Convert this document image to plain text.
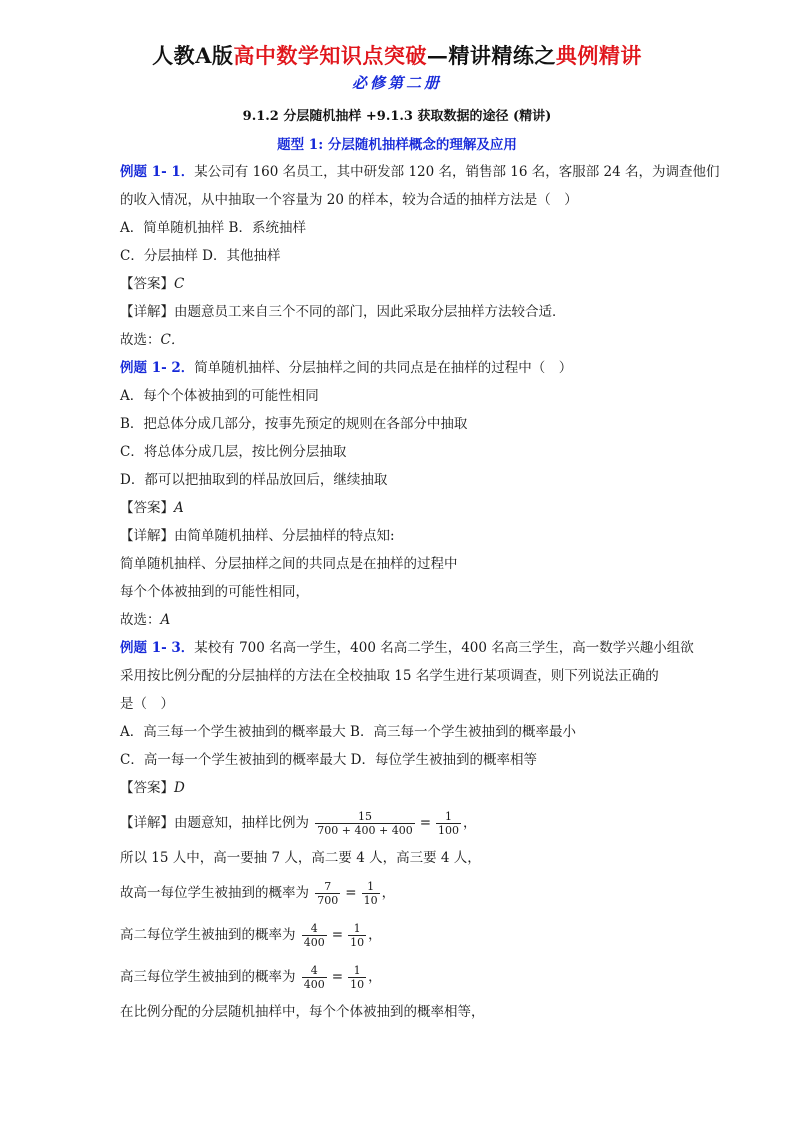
人教A版高中数学知识点突破—精讲精练之典例精讲
必修第二册
9.1.2 分层随机抽样 +9.1.3 获取数据的途径 (精讲)
题型 1: 分层随机抽样概念的理解及应用
例题 1- 1．某公司有 160 名员工，其中研发部 120 名，销售部 16 名，客服部 24 名，为调查他们
的收入情况，从中抽取一个容量为 20 的样本，较为合适的抽样方法是（　）
A．简单随机抽样 B．系统抽样
C．分层抽样 D．其他抽样
【答案】C
【详解】由题意员工来自三个不同的部门，因此采取分层抽样方法较合适．
故选：C．
例题 1- 2．简单随机抽样、分层抽样之间的共同点是在抽样的过程中（　）
A．每个个体被抽到的可能性相同
B．把总体分成几部分，按事先预定的规则在各部分中抽取
C．将总体分成几层，按比例分层抽取
D．都可以把抽取到的样品放回后，继续抽取
【答案】A
【详解】由简单随机抽样、分层抽样的特点知:
简单随机抽样、分层抽样之间的共同点是在抽样的过程中
每个个体被抽到的可能性相同，
故选：A
例题 1- 3．某校有 700 名高一学生，400 名高二学生，400 名高三学生，高一数学兴趣小组欲
采用按比例分配的分层抽样的方法在全校抽取 15 名学生进行某项调查，则下列说法正确的
是（　）
A．高三每一个学生被抽到的概率最大 B．高三每一个学生被抽到的概率最小
C．高一每一个学生被抽到的概率最大 D．每位学生被抽到的概率相等
【答案】D
【详解】由题意知，抽样比例为 $\frac{15}{700 + 400 + 400} = \frac{1}{100}$ ，
所以 15 人中，高一要抽 7 人，高二要 4 人，高三要 4 人，
故高一每位学生被抽到的概率为 $\frac{7}{700} = \frac{1}{10}$ ，
高二每位学生被抽到的概率为 $\frac{4}{400} = \frac{1}{10}$ ，
高三每位学生被抽到的概率为 $\frac{4}{400} = \frac{1}{10}$ ，
在比例分配的分层随机抽样中，每个个体被抽到的概率相等，
